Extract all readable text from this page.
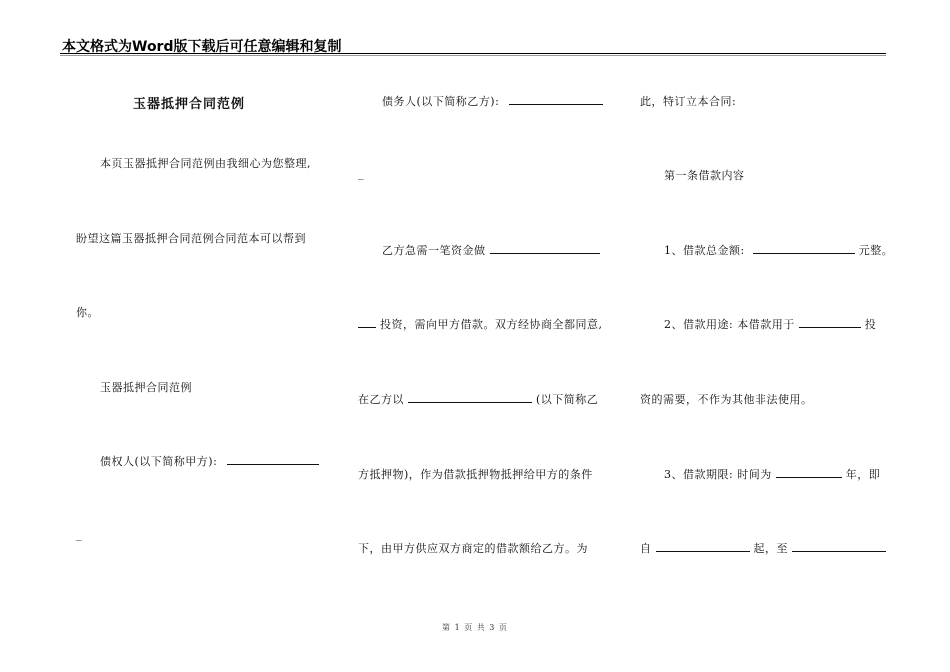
本文格式为Word版下载后可任意编辑和复制
玉器抵押合同范例
本页玉器抵押合同范例由我细心为您整理,
盼望这篇玉器抵押合同范例合同范本可以帮到
你。
玉器抵押合同范例
债权人(以下简称甲方):
_
债务人(以下简称乙方):
_
乙方急需一笔资金做
投资，需向甲方借款。双方经协商全都同意,
在乙方以	(以下简称乙
方抵押物)，作为借款抵押物抵押给甲方的条件
下，由甲方供应双方商定的借款额给乙方。为
此，特订立本合同:
第一条借款内容
1、借款总金额:	元整。
2、借款用途: 本借款用于	投
资的需要，不作为其他非法使用。
3、借款期限: 时间为	年，即
自	起，至
第 1 页 共 3 页
